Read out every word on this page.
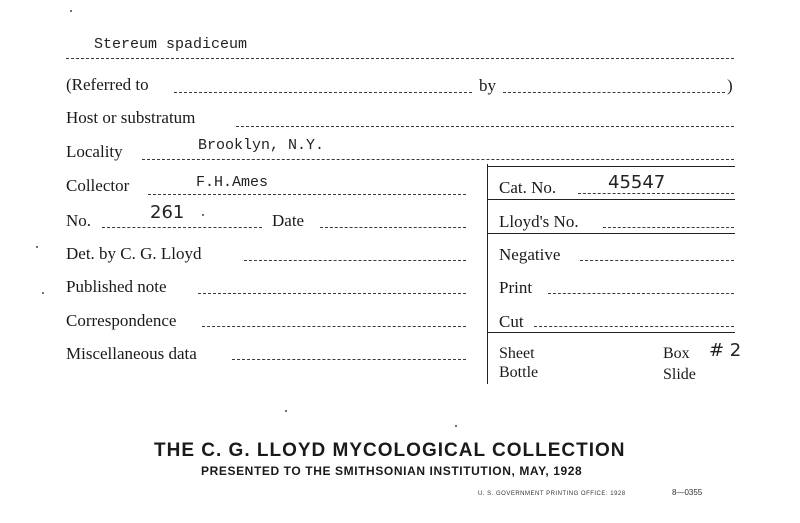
Stereum spadiceum
(Referred to	by	)
Host or substratum
Locality	Brooklyn, N.Y.
Collector	F.H.Ames	Cat. No.	45547
No.	261	Date	Lloyd's No.
Det. by C. G. Lloyd	Negative
Published note	Print
Correspondence	Cut
Miscellaneous data	Sheet	Box # 2
Bottle	Slide
THE C. G. LLOYD MYCOLOGICAL COLLECTION
PRESENTED TO THE SMITHSONIAN INSTITUTION, MAY, 1928
U. S. GOVERNMENT PRINTING OFFICE: 1928	8—0355
